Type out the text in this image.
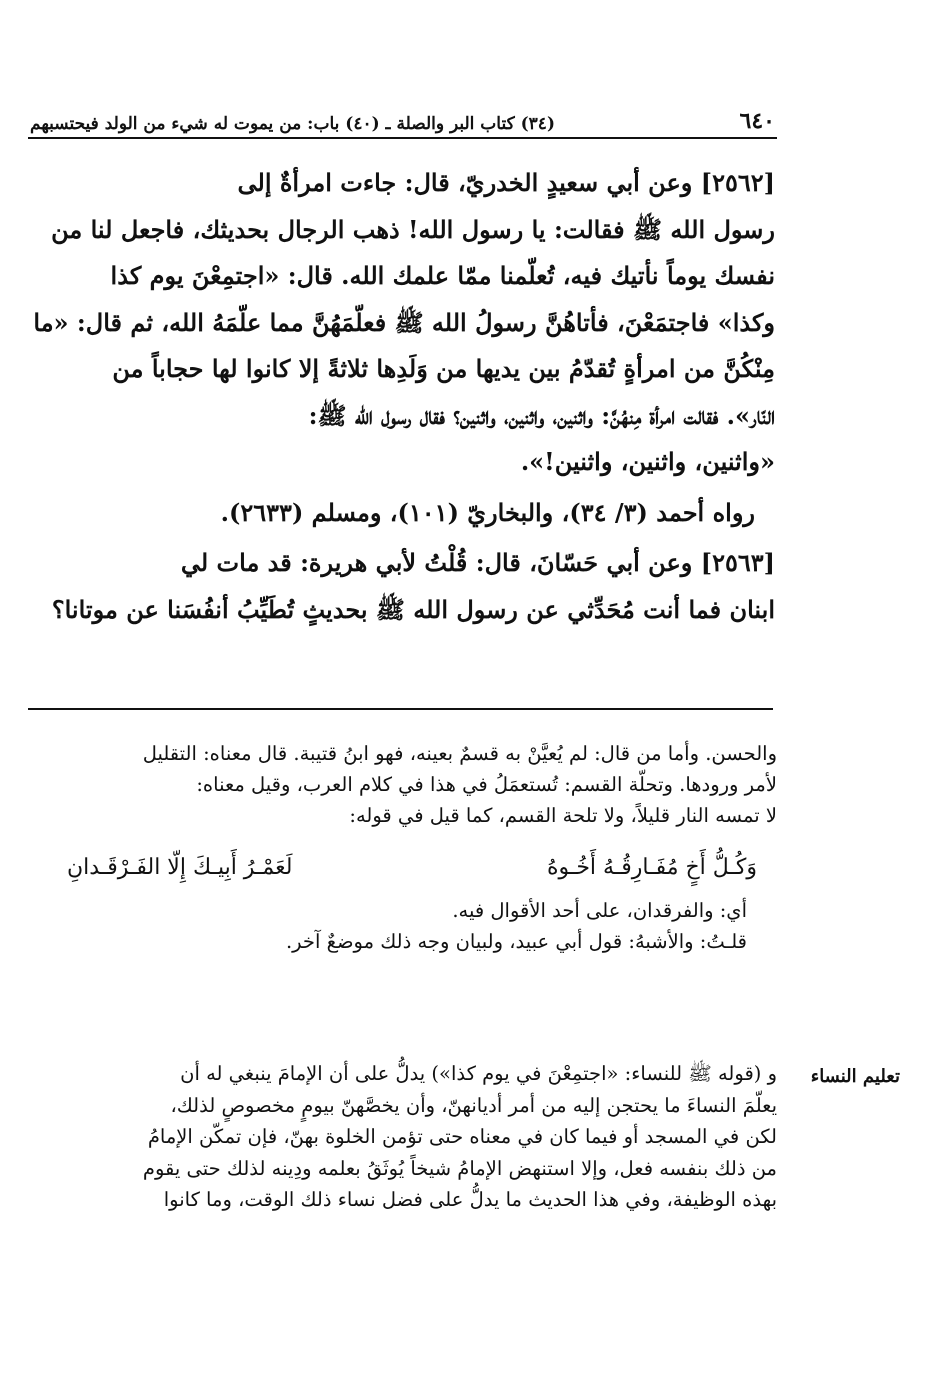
٦٤٠
(٣٤) كتاب البر والصلة ـ (٤٠) باب: من يموت له شيء من الولد فيحتسبهم

[٢٥٦٢] وعن أبي سعيدٍ الخدريّ، قال: جاءت امرأةٌ إلى

رسول الله ﷺ فقالت: يا رسول الله! ذهب الرجال بحديثك، فاجعل لنا من

نفسك يوماً نأتيك فيه، تُعلّمنا ممّا علمك الله. قال: «اجتمِعْنَ يوم كذا

وكذا» فاجتمَعْنَ، فأتاهُنَّ رسولُ الله ﷺ فعلّمَهُنَّ مما علّمَهُ الله، ثم قال: «ما

مِنْكُنَّ من امرأةٍ تُقدّمُ بين يديها من وَلَدِها ثلاثةً إلا كانوا لها حجاباً من

النّار». فقالت امرأة مِنهُنَّ: واثنين، واثنين، واثنين؟ فقال رسول الله ﷺ:

«واثنين، واثنين، واثنين!».

رواه أحمد (٣/ ٣٤)، والبخاريّ (١٠١)، ومسلم (٢٦٣٣).

[٢٥٦٣] وعن أبي حَسّانَ، قال: قُلْتُ لأبي هريرة: قد مات لي

ابنان فما أنت مُحَدِّثي عن رسول الله ﷺ بحديثٍ تُطَيِّبُ أنفُسَنا عن موتانا؟

والحسن. وأما من قال: لم يُعيَّنْ به قسمٌ بعينه، فهو ابنُ قتيبة. قال معناه: التقليل

لأمر ورودها. وتحلّة القسم: تُستعمَلُ في هذا في كلام العرب، وقيل معناه:

لا تمسه النار قليلاً، ولا تلحة القسم، كما قيل في قوله:

وَكُـلُّ أَخٍ مُفَـارِقُـهُ أَخُـوهُ
لَعَمْـرُ أَبِيـكَ إِلّا الفَـرْقَـدانِ

أي: والفرقدان، على أحد الأقوال فيه.

قلـتُ: والأشبهُ: قول أبي عبيد، ولبيان وجه ذلك موضعٌ آخر.

تعليم النساء

و (قوله ﷺ للنساء: «اجتمِعْنَ في يوم كذا») يدلُّ على أن الإمامَ ينبغي له أن

يعلّمَ النساءَ ما يحتجن إليه من أمر أديانهنّ، وأن يخصَّهنّ بيومٍ مخصوصٍ لذلك،

لكن في المسجد أو فيما كان في معناه حتى تؤمن الخلوة بهنّ، فإن تمكّن الإمامُ

من ذلك بنفسه فعل، وإلا استنهض الإمامُ شيخاً يُوثَقُ بعلمه ودِينه لذلك حتى يقوم

بهذه الوظيفة، وفي هذا الحديث ما يدلُّ على فضل نساء ذلك الوقت، وما كانوا
